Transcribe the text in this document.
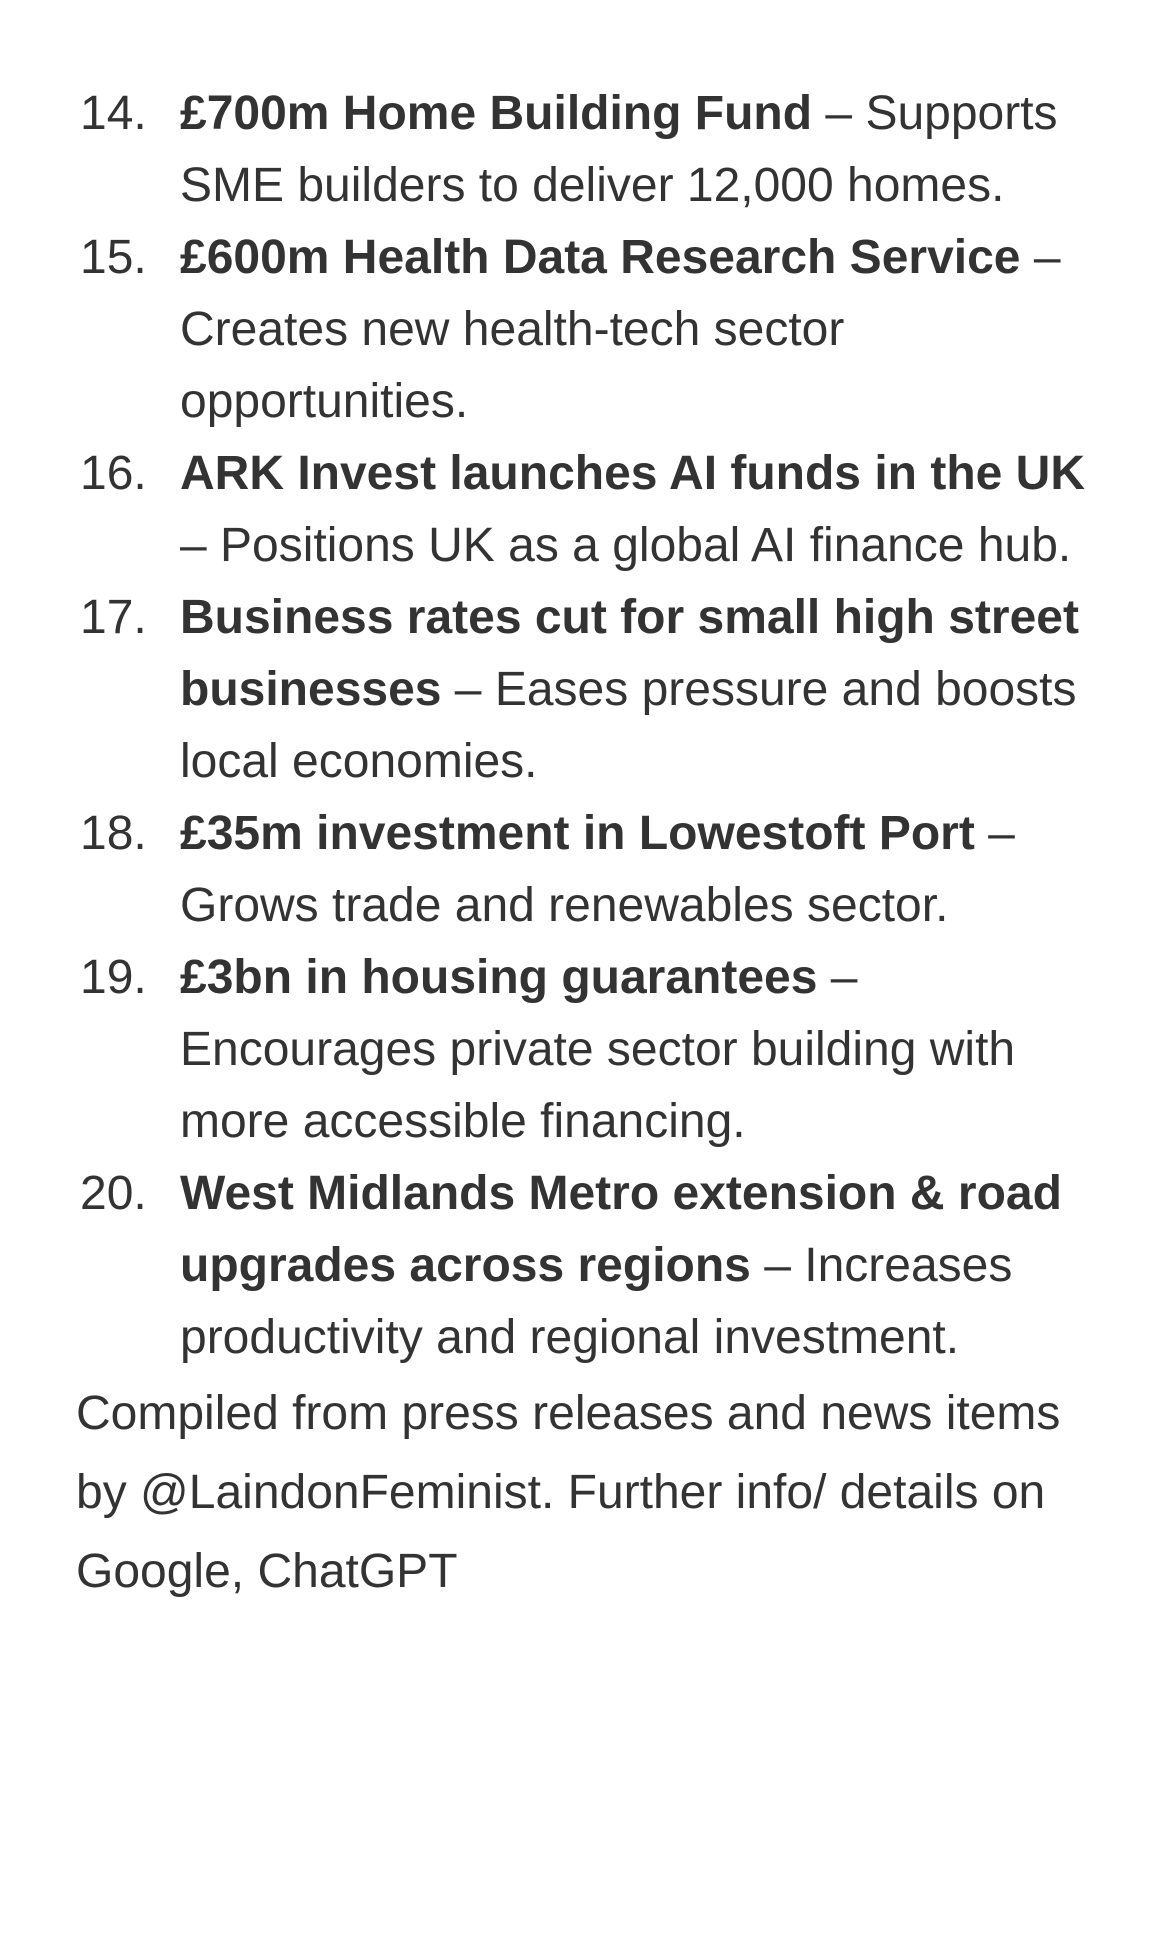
14. £700m Home Building Fund – Supports SME builders to deliver 12,000 homes.
15. £600m Health Data Research Service – Creates new health-tech sector opportunities.
16. ARK Invest launches AI funds in the UK – Positions UK as a global AI finance hub.
17. Business rates cut for small high street businesses – Eases pressure and boosts local economies.
18. £35m investment in Lowestoft Port – Grows trade and renewables sector.
19. £3bn in housing guarantees – Encourages private sector building with more accessible financing.
20. West Midlands Metro extension & road upgrades across regions – Increases productivity and regional investment.

Compiled from press releases and news items by @LaindonFeminist. Further info/ details on Google, ChatGPT
